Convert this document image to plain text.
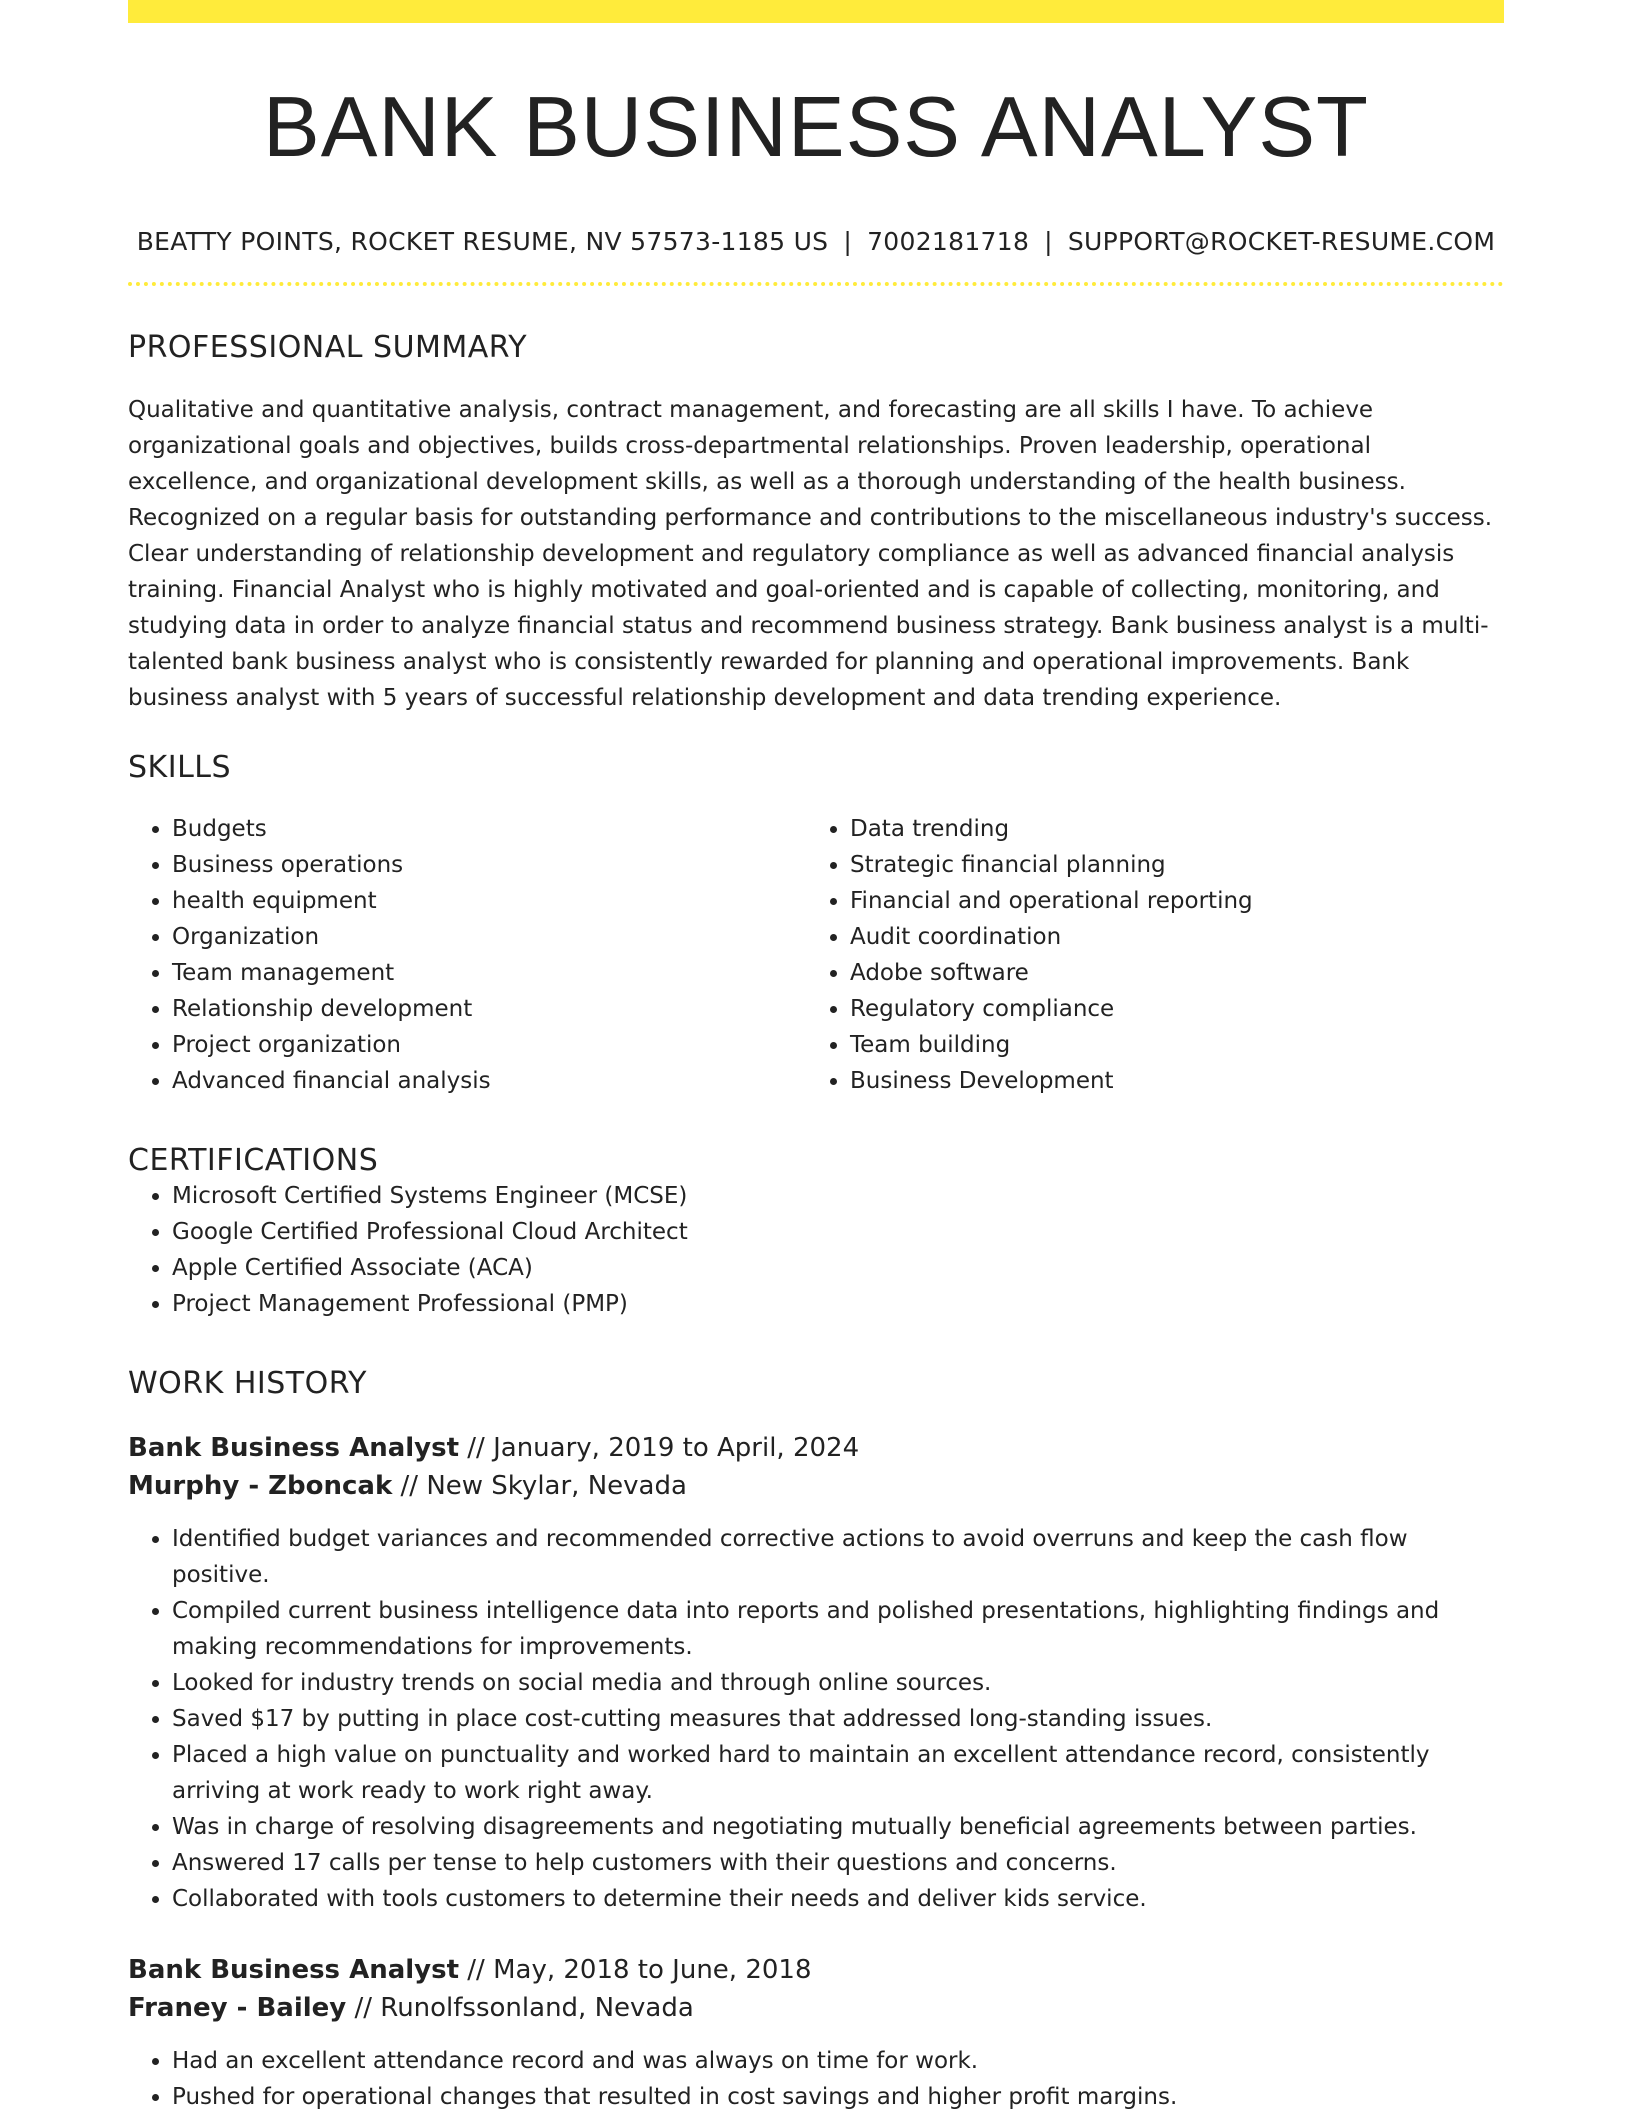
BANK BUSINESS ANALYST
BEATTY POINTS, ROCKET RESUME, NV 57573-1185 US | 7002181718 | SUPPORT@ROCKET-RESUME.COM
PROFESSIONAL SUMMARY
Qualitative and quantitative analysis, contract management, and forecasting are all skills I have. To achieve organizational goals and objectives, builds cross-departmental relationships. Proven leadership, operational excellence, and organizational development skills, as well as a thorough understanding of the health business. Recognized on a regular basis for outstanding performance and contributions to the miscellaneous industry's success. Clear understanding of relationship development and regulatory compliance as well as advanced financial analysis training. Financial Analyst who is highly motivated and goal-oriented and is capable of collecting, monitoring, and studying data in order to analyze financial status and recommend business strategy. Bank business analyst is a multi-talented bank business analyst who is consistently rewarded for planning and operational improvements. Bank business analyst with 5 years of successful relationship development and data trending experience.
SKILLS
• Budgets
• Business operations
• health equipment
• Organization
• Team management
• Relationship development
• Project organization
• Advanced financial analysis
• Data trending
• Strategic financial planning
• Financial and operational reporting
• Audit coordination
• Adobe software
• Regulatory compliance
• Team building
• Business Development
CERTIFICATIONS
• Microsoft Certified Systems Engineer (MCSE)
• Google Certified Professional Cloud Architect
• Apple Certified Associate (ACA)
• Project Management Professional (PMP)
WORK HISTORY
Bank Business Analyst // January, 2019 to April, 2024
Murphy - Zboncak // New Skylar, Nevada
• Identified budget variances and recommended corrective actions to avoid overruns and keep the cash flow positive.
• Compiled current business intelligence data into reports and polished presentations, highlighting findings and making recommendations for improvements.
• Looked for industry trends on social media and through online sources.
• Saved $17 by putting in place cost-cutting measures that addressed long-standing issues.
• Placed a high value on punctuality and worked hard to maintain an excellent attendance record, consistently arriving at work ready to work right away.
• Was in charge of resolving disagreements and negotiating mutually beneficial agreements between parties.
• Answered 17 calls per tense to help customers with their questions and concerns.
• Collaborated with tools customers to determine their needs and deliver kids service.
Bank Business Analyst // May, 2018 to June, 2018
Franey - Bailey // Runolfssonland, Nevada
• Had an excellent attendance record and was always on time for work.
• Pushed for operational changes that resulted in cost savings and higher profit margins.
